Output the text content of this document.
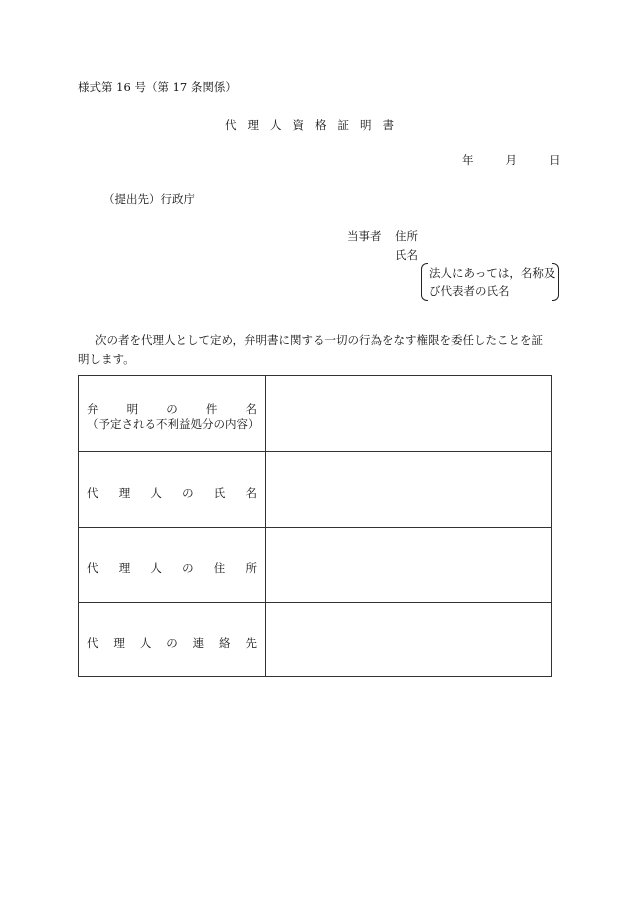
様式第 16 号（第 17 条関係）
代理人資格証明書
年	月	日
（提出先）行政庁
当事者 住所
氏名
法人にあっては，名称及
び代表者の氏名
次の者を代理人として定め，弁明書に関する一切の行為をなす権限を委任したことを証
明します。
弁 明 の 件 名
（予定される不利益処分の内容）
代 理 人 の 氏 名
代 理 人 の 住 所
代 理 人 の 連 絡 先
